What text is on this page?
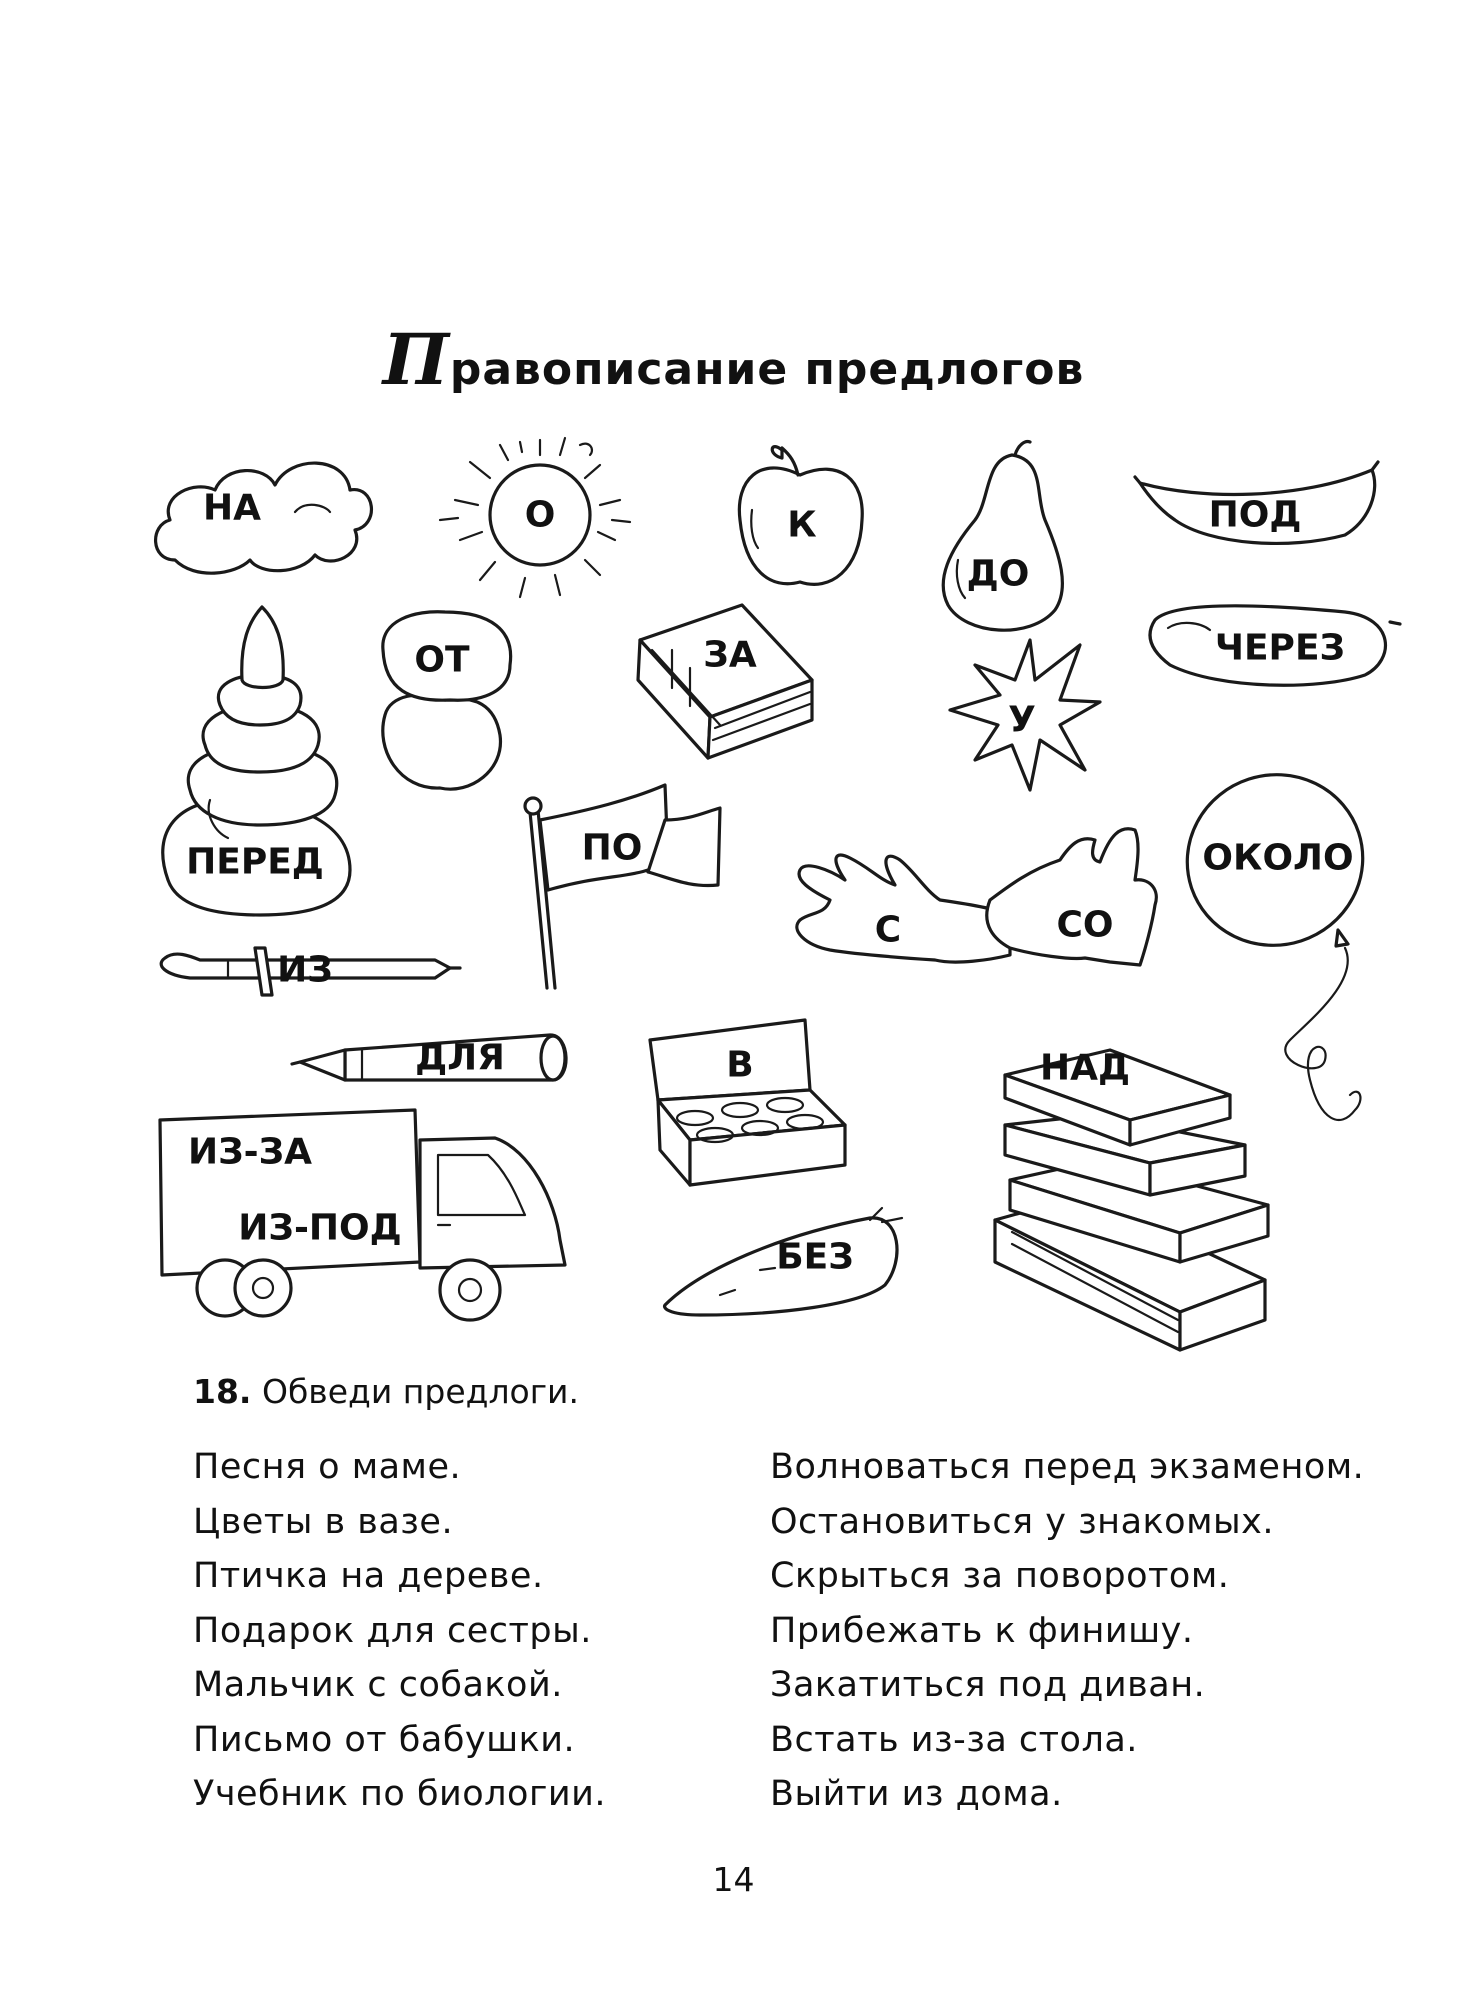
Правописание предлогов
НА	О	К
ДО
ПОД
ПЕРЕД
ОТ	ЗА
У
ЧЕРЕЗ
ПО
С	СО
ОКОЛО
ИЗ
ДЛЯ	В
ИЗ-ЗА
ИЗ-ПОД
БЕЗ
НАД
18. Обведи предлоги.
Песня о маме.
Цветы в вазе.
Птичка на дереве.
Подарок для сестры.
Мальчик с собакой.
Письмо от бабушки.
Учебник по биологии.
Волноваться перед экзаменом.
Остановиться у знакомых.
Скрыться за поворотом.
Прибежать к финишу.
Закатиться под диван.
Встать из-за стола.
Выйти из дома.
14
